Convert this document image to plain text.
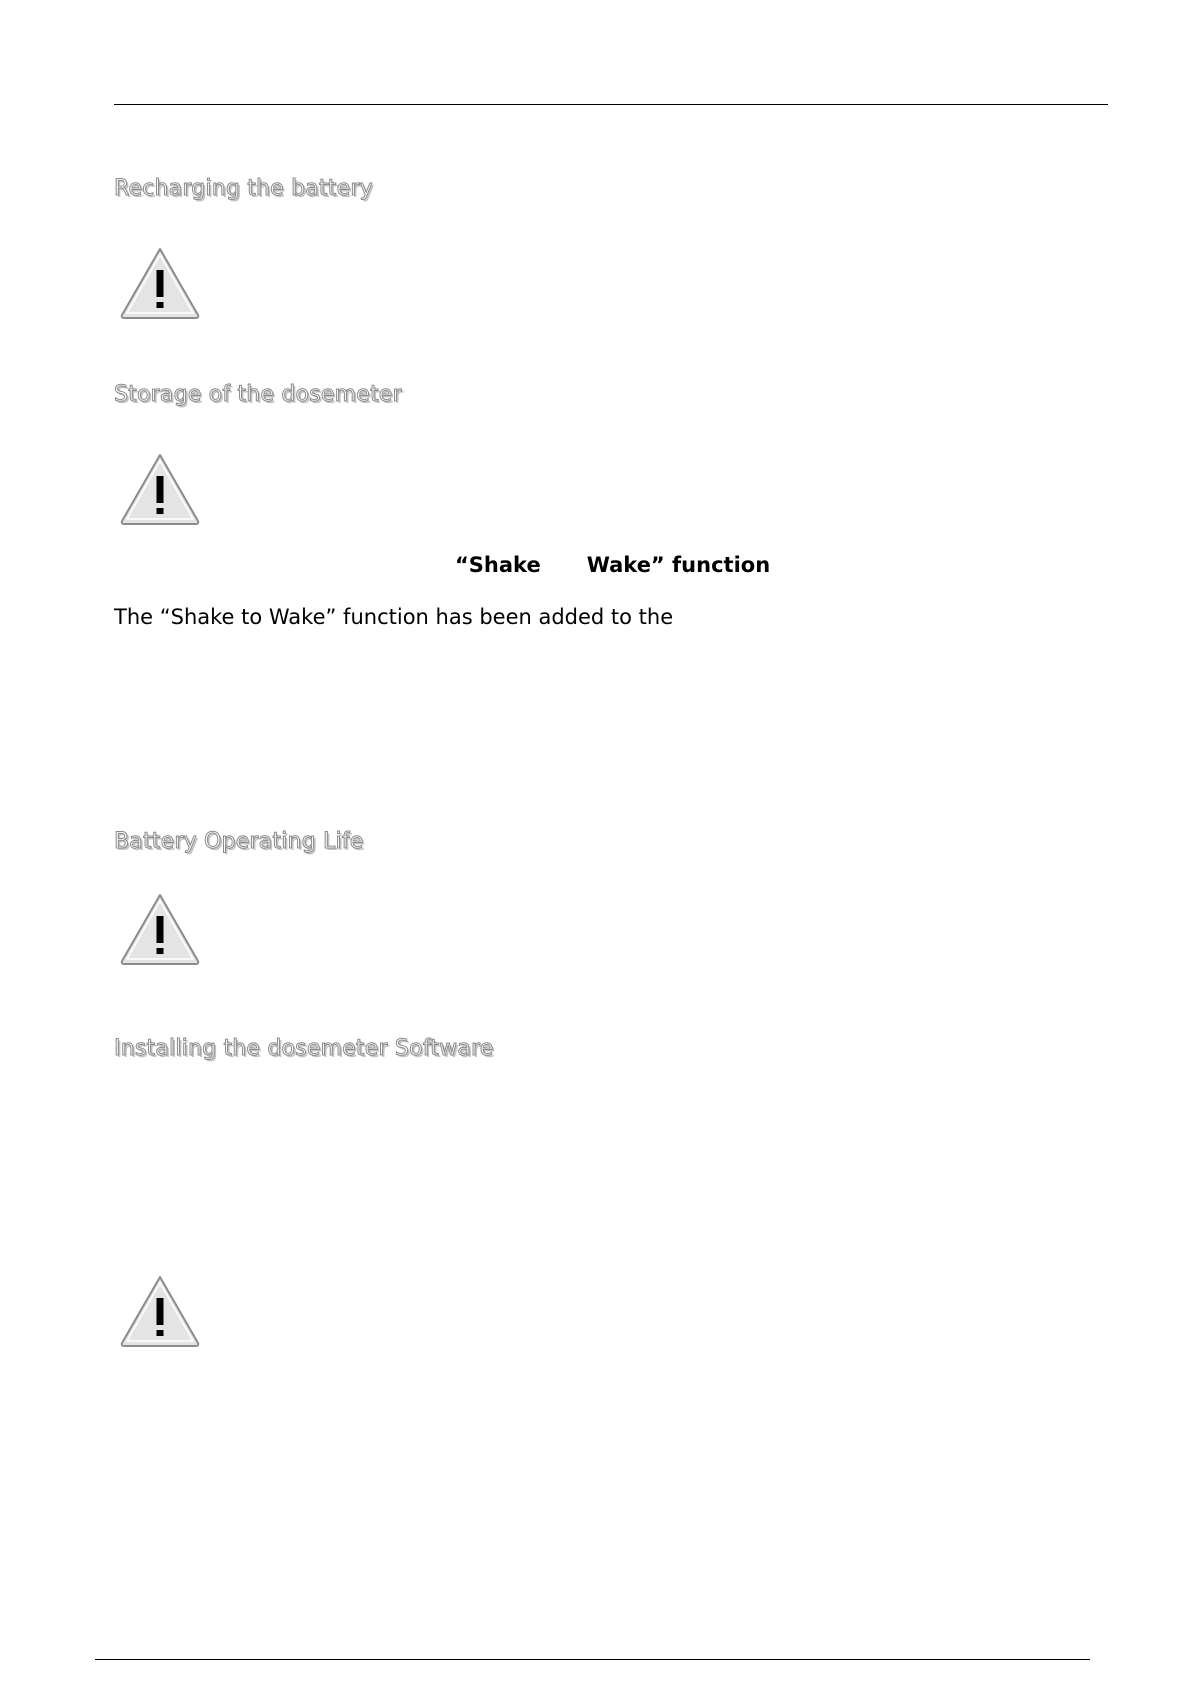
Recharging the battery
Storage of the dosemeter

“Shake Wake” function

The “Shake to Wake” function has been added to the

Battery Operating Life
Installing the dosemeter Software
